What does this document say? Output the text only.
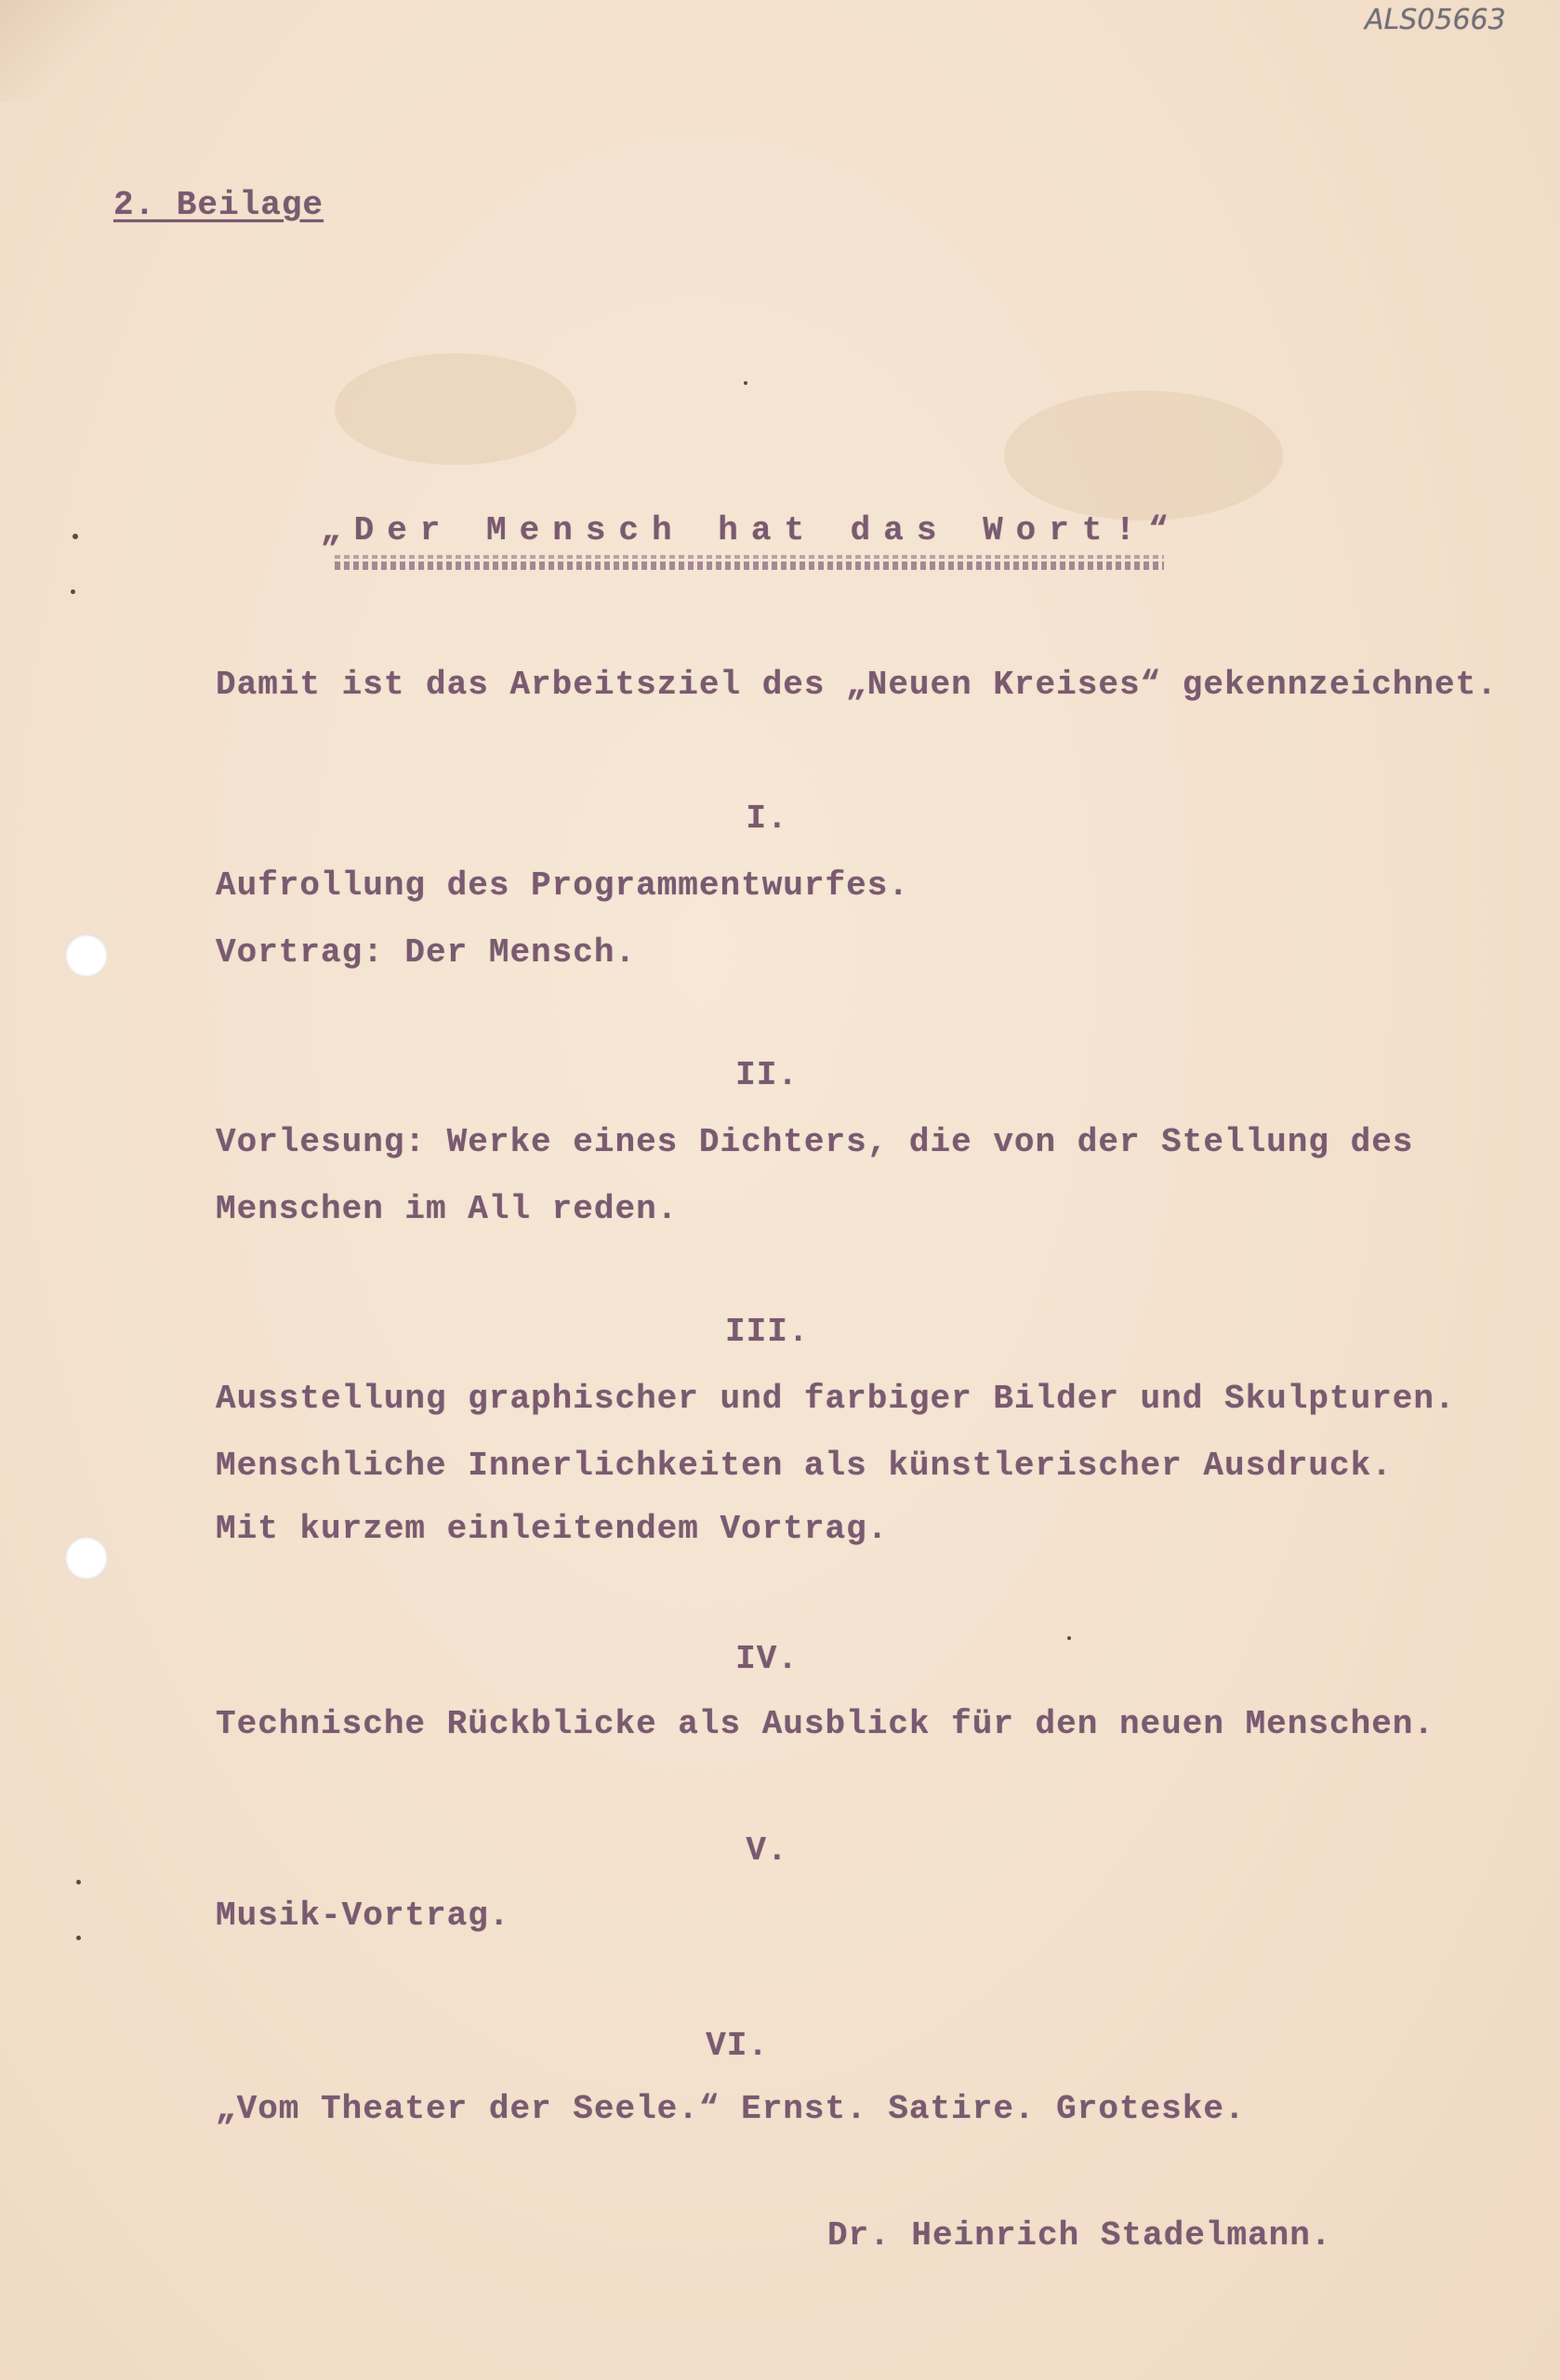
ALS05663
2. Beilage
„Der Mensch hat das Wort!“
Damit ist das Arbeitsziel des „Neuen Kreises“ gekennzeichnet.
I.
Aufrollung des Programmentwurfes.
Vortrag: Der Mensch.
II.
Vorlesung: Werke eines Dichters, die von der Stellung des
Menschen im All reden.
III.
Ausstellung graphischer und farbiger Bilder und Skulpturen.
Menschliche Innerlichkeiten als künstlerischer Ausdruck.
Mit kurzem einleitendem Vortrag.
IV.
Technische Rückblicke als Ausblick für den neuen Menschen.
V.
Musik-Vortrag.
VI.
„Vom Theater der Seele.“ Ernst. Satire. Groteske.
Dr. Heinrich Stadelmann.
